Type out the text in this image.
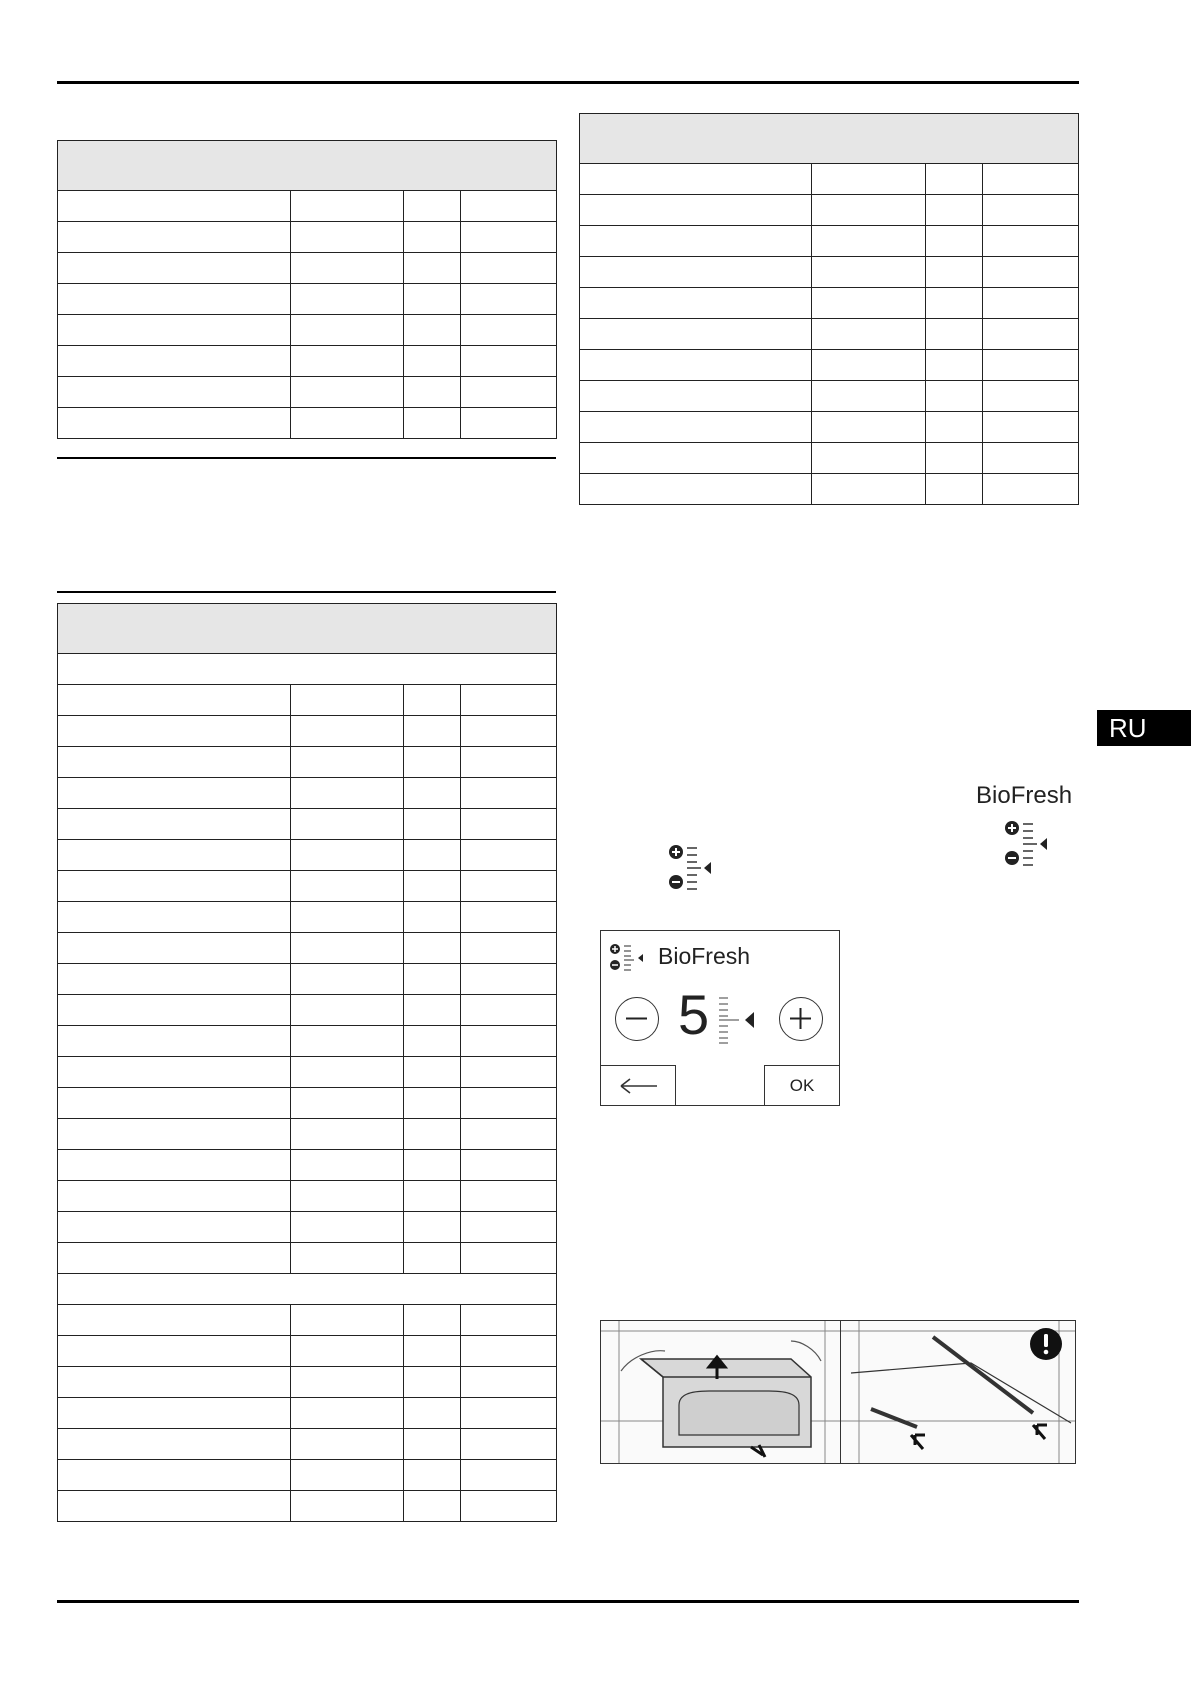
RU
BioFresh
BioFresh
5
OK
